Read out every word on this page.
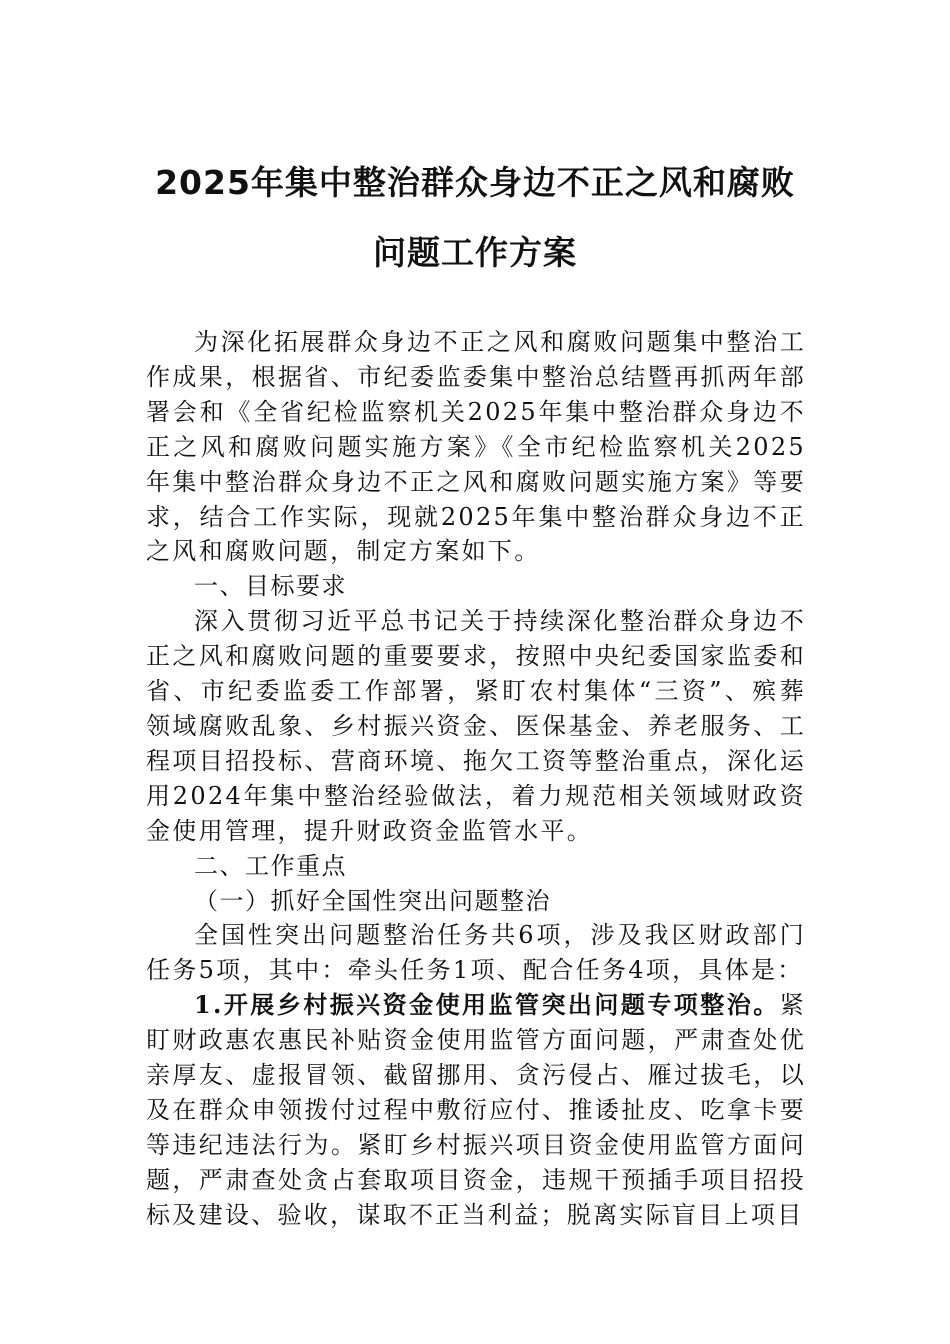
2025年集中整治群众身边不正之风和腐败
问题工作方案

为深化拓展群众身边不正之风和腐败问题集中整治工作成果，根据省、市纪委监委集中整治总结暨再抓两年部署会和《全省纪检监察机关2025年集中整治群众身边不正之风和腐败问题实施方案》《全市纪检监察机关2025年集中整治群众身边不正之风和腐败问题实施方案》等要求，结合工作实际，现就2025年集中整治群众身边不正之风和腐败问题，制定方案如下。

一、目标要求

深入贯彻习近平总书记关于持续深化整治群众身边不正之风和腐败问题的重要要求，按照中央纪委国家监委和省、市纪委监委工作部署，紧盯农村集体“三资”、殡葬领域腐败乱象、乡村振兴资金、医保基金、养老服务、工程项目招投标、营商环境、拖欠工资等整治重点，深化运用2024年集中整治经验做法，着力规范相关领域财政资金使用管理，提升财政资金监管水平。

二、工作重点

（一）抓好全国性突出问题整治

全国性突出问题整治任务共6项，涉及我区财政部门任务5项，其中：牵头任务1项、配合任务4项，具体是：

1.开展乡村振兴资金使用监管突出问题专项整治。紧盯财政惠农惠民补贴资金使用监管方面问题，严肃查处优亲厚友、虚报冒领、截留挪用、贪污侵占、雁过拔毛，以及在群众申领拨付过程中敷衍应付、推诿扯皮、吃拿卡要等违纪违法行为。紧盯乡村振兴项目资金使用监管方面问题，严肃查处贪占套取项目资金，违规干预插手项目招投标及建设、验收，谋取不正当利益；脱离实际盲目上项目
